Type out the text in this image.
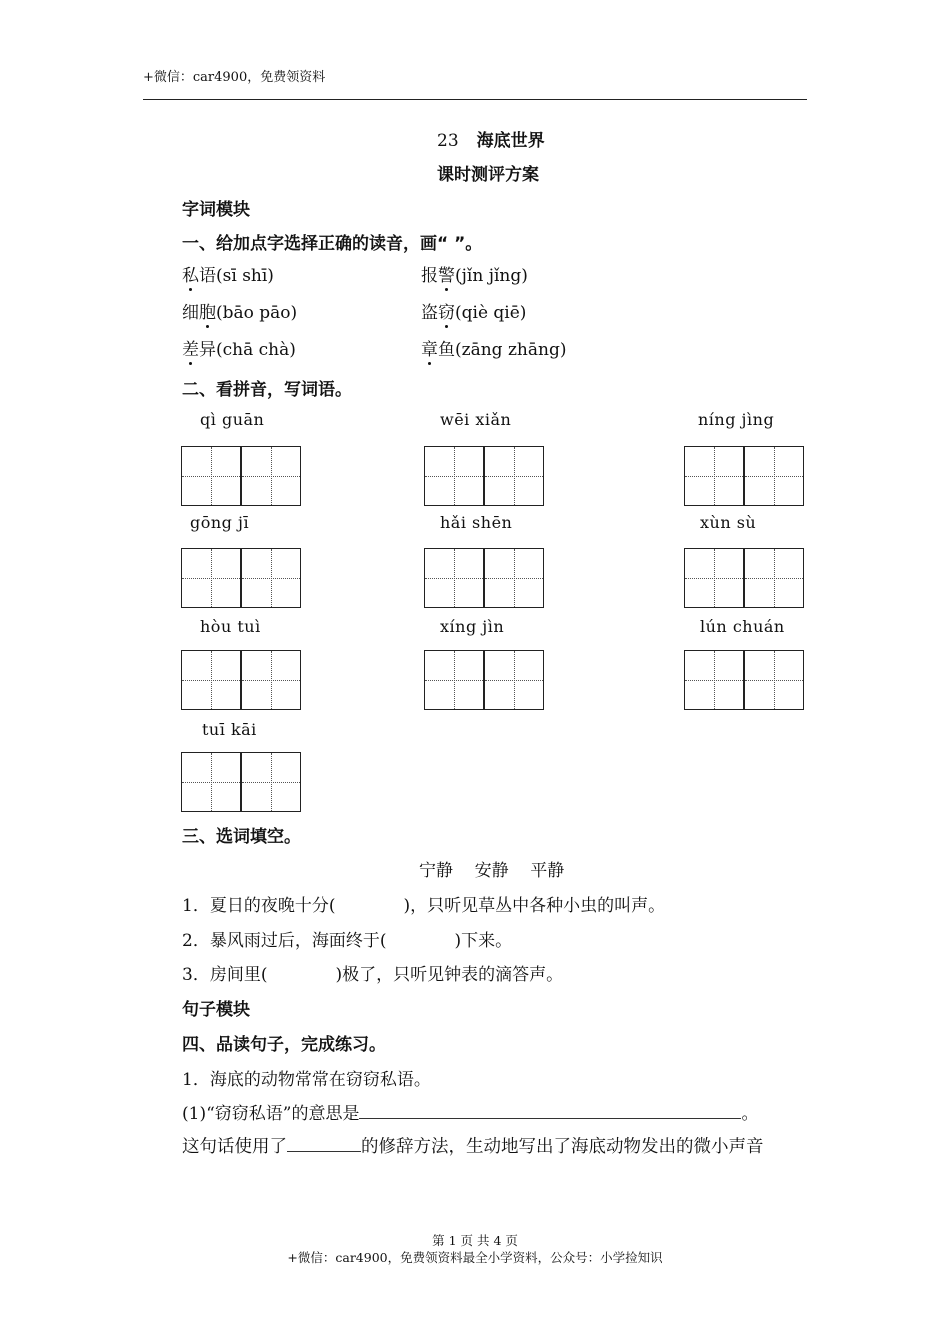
+微信：car4900，免费领资料
23 海底世界
课时测评方案
字词模块
一、给加点字选择正确的读音，画“ ”。
私语(sī shī)	报警(jǐn jǐng)
细胞(bāo pāo)	盗窃(qiè qiē)
差异(chā chà)	章鱼(zāng zhāng)
二、看拼音，写词语。
qì guān	wēi xiǎn	níng jìng
gōng jī	hǎi shēn	xùn sù
hòu tuì	xíng jìn	lún chuán
tuī kāi
三、选词填空。
宁静    安静    平静
1．夏日的夜晚十分(	)，只听见草丛中各种小虫的叫声。
2．暴风雨过后，海面终于(	)下来。
3．房间里(	)极了，只听见钟表的滴答声。
句子模块
四、品读句子，完成练习。
1．海底的动物常常在窃窃私语。
(1)“窃窃私语”的意思是	。
这句话使用了	的修辞方法，生动地写出了海底动物发出的微小声音
第 1 页 共 4 页
+微信：car4900，免费领资料最全小学资料，公众号：小学捡知识
